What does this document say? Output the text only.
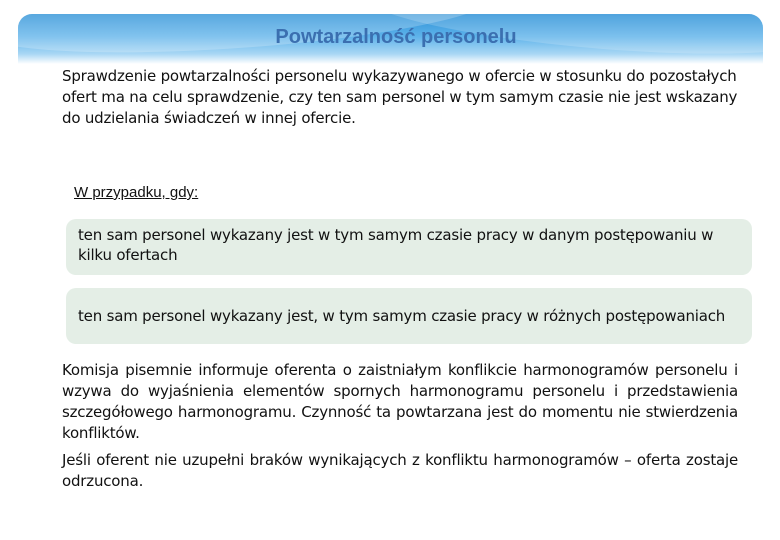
Powtarzalność personelu
Sprawdzenie powtarzalności personelu wykazywanego w ofercie w stosunku do pozostałych ofert ma na celu sprawdzenie, czy ten sam personel w tym samym czasie nie jest wskazany do udzielania świadczeń w innej ofercie.
W przypadku, gdy:
ten sam personel wykazany jest w tym samym czasie pracy w danym postępowaniu w kilku ofertach
ten sam personel wykazany jest, w tym samym czasie pracy w różnych postępowaniach
Komisja pisemnie informuje oferenta o zaistniałym konflikcie harmonogramów personelu i wzywa do wyjaśnienia elementów spornych harmonogramu personelu i przedstawienia szczegółowego harmonogramu. Czynność ta powtarzana jest do momentu nie stwierdzenia konfliktów.
Jeśli oferent nie uzupełni braków wynikających z konfliktu harmonogramów – oferta zostaje odrzucona.
